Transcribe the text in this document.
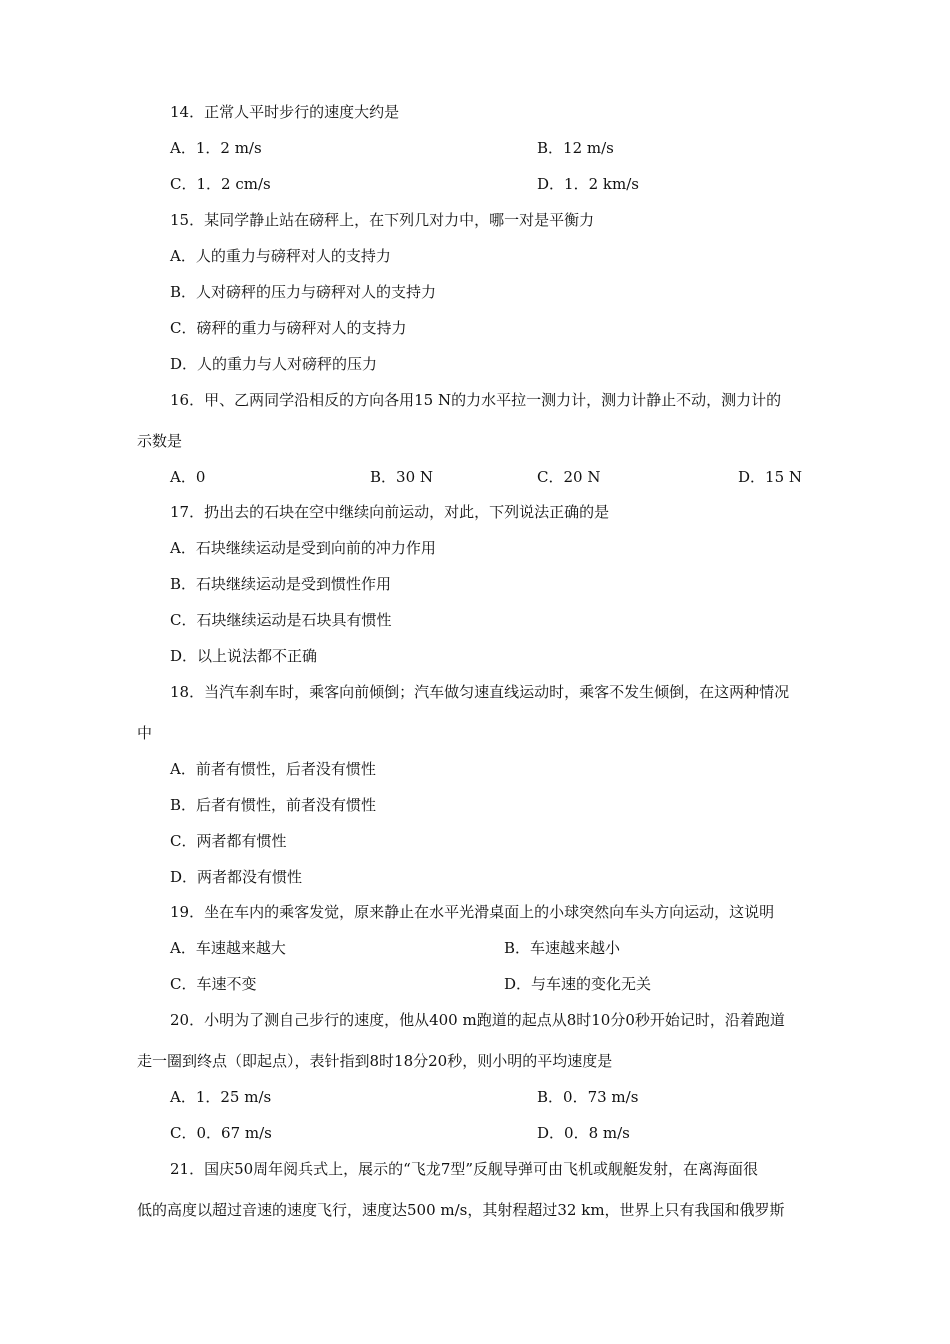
14．正常人平时步行的速度大约是
A．1．2 m/s	B．12 m/s
C．1．2 cm/s	D．1．2 km/s
15．某同学静止站在磅秤上，在下列几对力中，哪一对是平衡力
A．人的重力与磅秤对人的支持力
B．人对磅秤的压力与磅秤对人的支持力
C．磅秤的重力与磅秤对人的支持力
D．人的重力与人对磅秤的压力
16．甲、乙两同学沿相反的方向各用15 N的力水平拉一测力计，测力计静止不动，测力计的
示数是
A．0	B．30 N	C．20 N	D．15 N
17．扔出去的石块在空中继续向前运动，对此，下列说法正确的是
A．石块继续运动是受到向前的冲力作用
B．石块继续运动是受到惯性作用
C．石块继续运动是石块具有惯性
D．以上说法都不正确
18．当汽车刹车时，乘客向前倾倒；汽车做匀速直线运动时，乘客不发生倾倒，在这两种情况
中
A．前者有惯性，后者没有惯性
B．后者有惯性，前者没有惯性
C．两者都有惯性
D．两者都没有惯性
19．坐在车内的乘客发觉，原来静止在水平光滑桌面上的小球突然向车头方向运动，这说明
A．车速越来越大	B．车速越来越小
C．车速不变	D．与车速的变化无关
20．小明为了测自己步行的速度，他从400 m跑道的起点从8时10分0秒开始记时，沿着跑道
走一圈到终点（即起点），表针指到8时18分20秒，则小明的平均速度是
A．1．25 m/s	B．0．73 m/s
C．0．67 m/s	D．0．8 m/s
21．国庆50周年阅兵式上，展示的“飞龙7型”反舰导弹可由飞机或舰艇发射，在离海面很
低的高度以超过音速的速度飞行，速度达500 m/s，其射程超过32 km，世界上只有我国和俄罗斯
